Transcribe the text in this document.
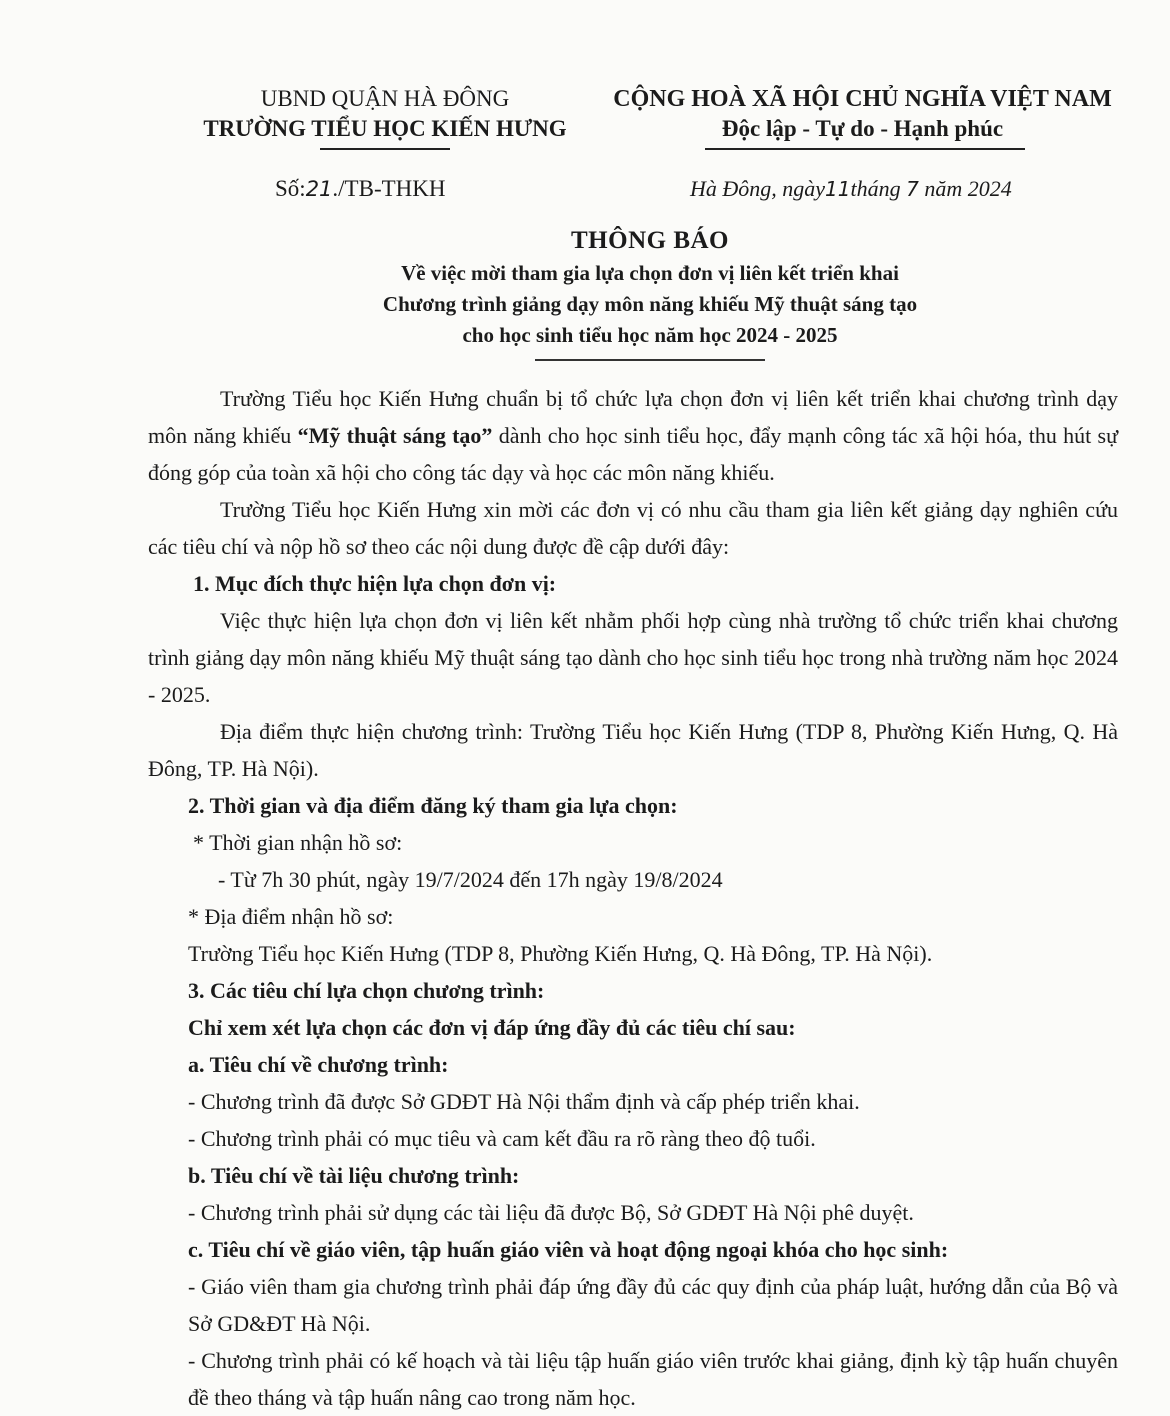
UBND QUẬN HÀ ĐÔNG
TRƯỜNG TIỂU HỌC KIẾN HƯNG
CỘNG HOÀ XÃ HỘI CHỦ NGHĨA VIỆT NAM
Độc lập - Tự do - Hạnh phúc
Số:21./TB-THKH	Hà Đông, ngày11tháng 7 năm 2024
THÔNG BÁO
Về việc mời tham gia lựa chọn đơn vị liên kết triển khai
Chương trình giảng dạy môn năng khiếu Mỹ thuật sáng tạo
cho học sinh tiểu học năm học 2024 - 2025

Trường Tiểu học Kiến Hưng chuẩn bị tổ chức lựa chọn đơn vị liên kết triển khai chương trình dạy môn năng khiếu “Mỹ thuật sáng tạo” dành cho học sinh tiểu học, đẩy mạnh công tác xã hội hóa, thu hút sự đóng góp của toàn xã hội cho công tác dạy và học các môn năng khiếu.

Trường Tiểu học Kiến Hưng xin mời các đơn vị có nhu cầu tham gia liên kết giảng dạy nghiên cứu các tiêu chí và nộp hồ sơ theo các nội dung được đề cập dưới đây:

1. Mục đích thực hiện lựa chọn đơn vị:

Việc thực hiện lựa chọn đơn vị liên kết nhằm phối hợp cùng nhà trường tổ chức triển khai chương trình giảng dạy môn năng khiếu Mỹ thuật sáng tạo dành cho học sinh tiểu học trong nhà trường năm học 2024 - 2025.

Địa điểm thực hiện chương trình: Trường Tiểu học Kiến Hưng (TDP 8, Phường Kiến Hưng, Q. Hà Đông, TP. Hà Nội).

2. Thời gian và địa điểm đăng ký tham gia lựa chọn:

* Thời gian nhận hồ sơ:

- Từ 7h 30 phút, ngày 19/7/2024 đến 17h ngày 19/8/2024

* Địa điểm nhận hồ sơ:

Trường Tiểu học Kiến Hưng (TDP 8, Phường Kiến Hưng, Q. Hà Đông, TP. Hà Nội).

3. Các tiêu chí lựa chọn chương trình:

Chỉ xem xét lựa chọn các đơn vị đáp ứng đầy đủ các tiêu chí sau:

a. Tiêu chí về chương trình:

- Chương trình đã được Sở GDĐT Hà Nội thẩm định và cấp phép triển khai.

- Chương trình phải có mục tiêu và cam kết đầu ra rõ ràng theo độ tuổi.

b. Tiêu chí về tài liệu chương trình:

- Chương trình phải sử dụng các tài liệu đã được Bộ, Sở GDĐT Hà Nội phê duyệt.

c. Tiêu chí về giáo viên, tập huấn giáo viên và hoạt động ngoại khóa cho học sinh:

- Giáo viên tham gia chương trình phải đáp ứng đầy đủ các quy định của pháp luật, hướng dẫn của Bộ và Sở GD&ĐT Hà Nội.

- Chương trình phải có kế hoạch và tài liệu tập huấn giáo viên trước khai giảng, định kỳ tập huấn chuyên đề theo tháng và tập huấn nâng cao trong năm học.
